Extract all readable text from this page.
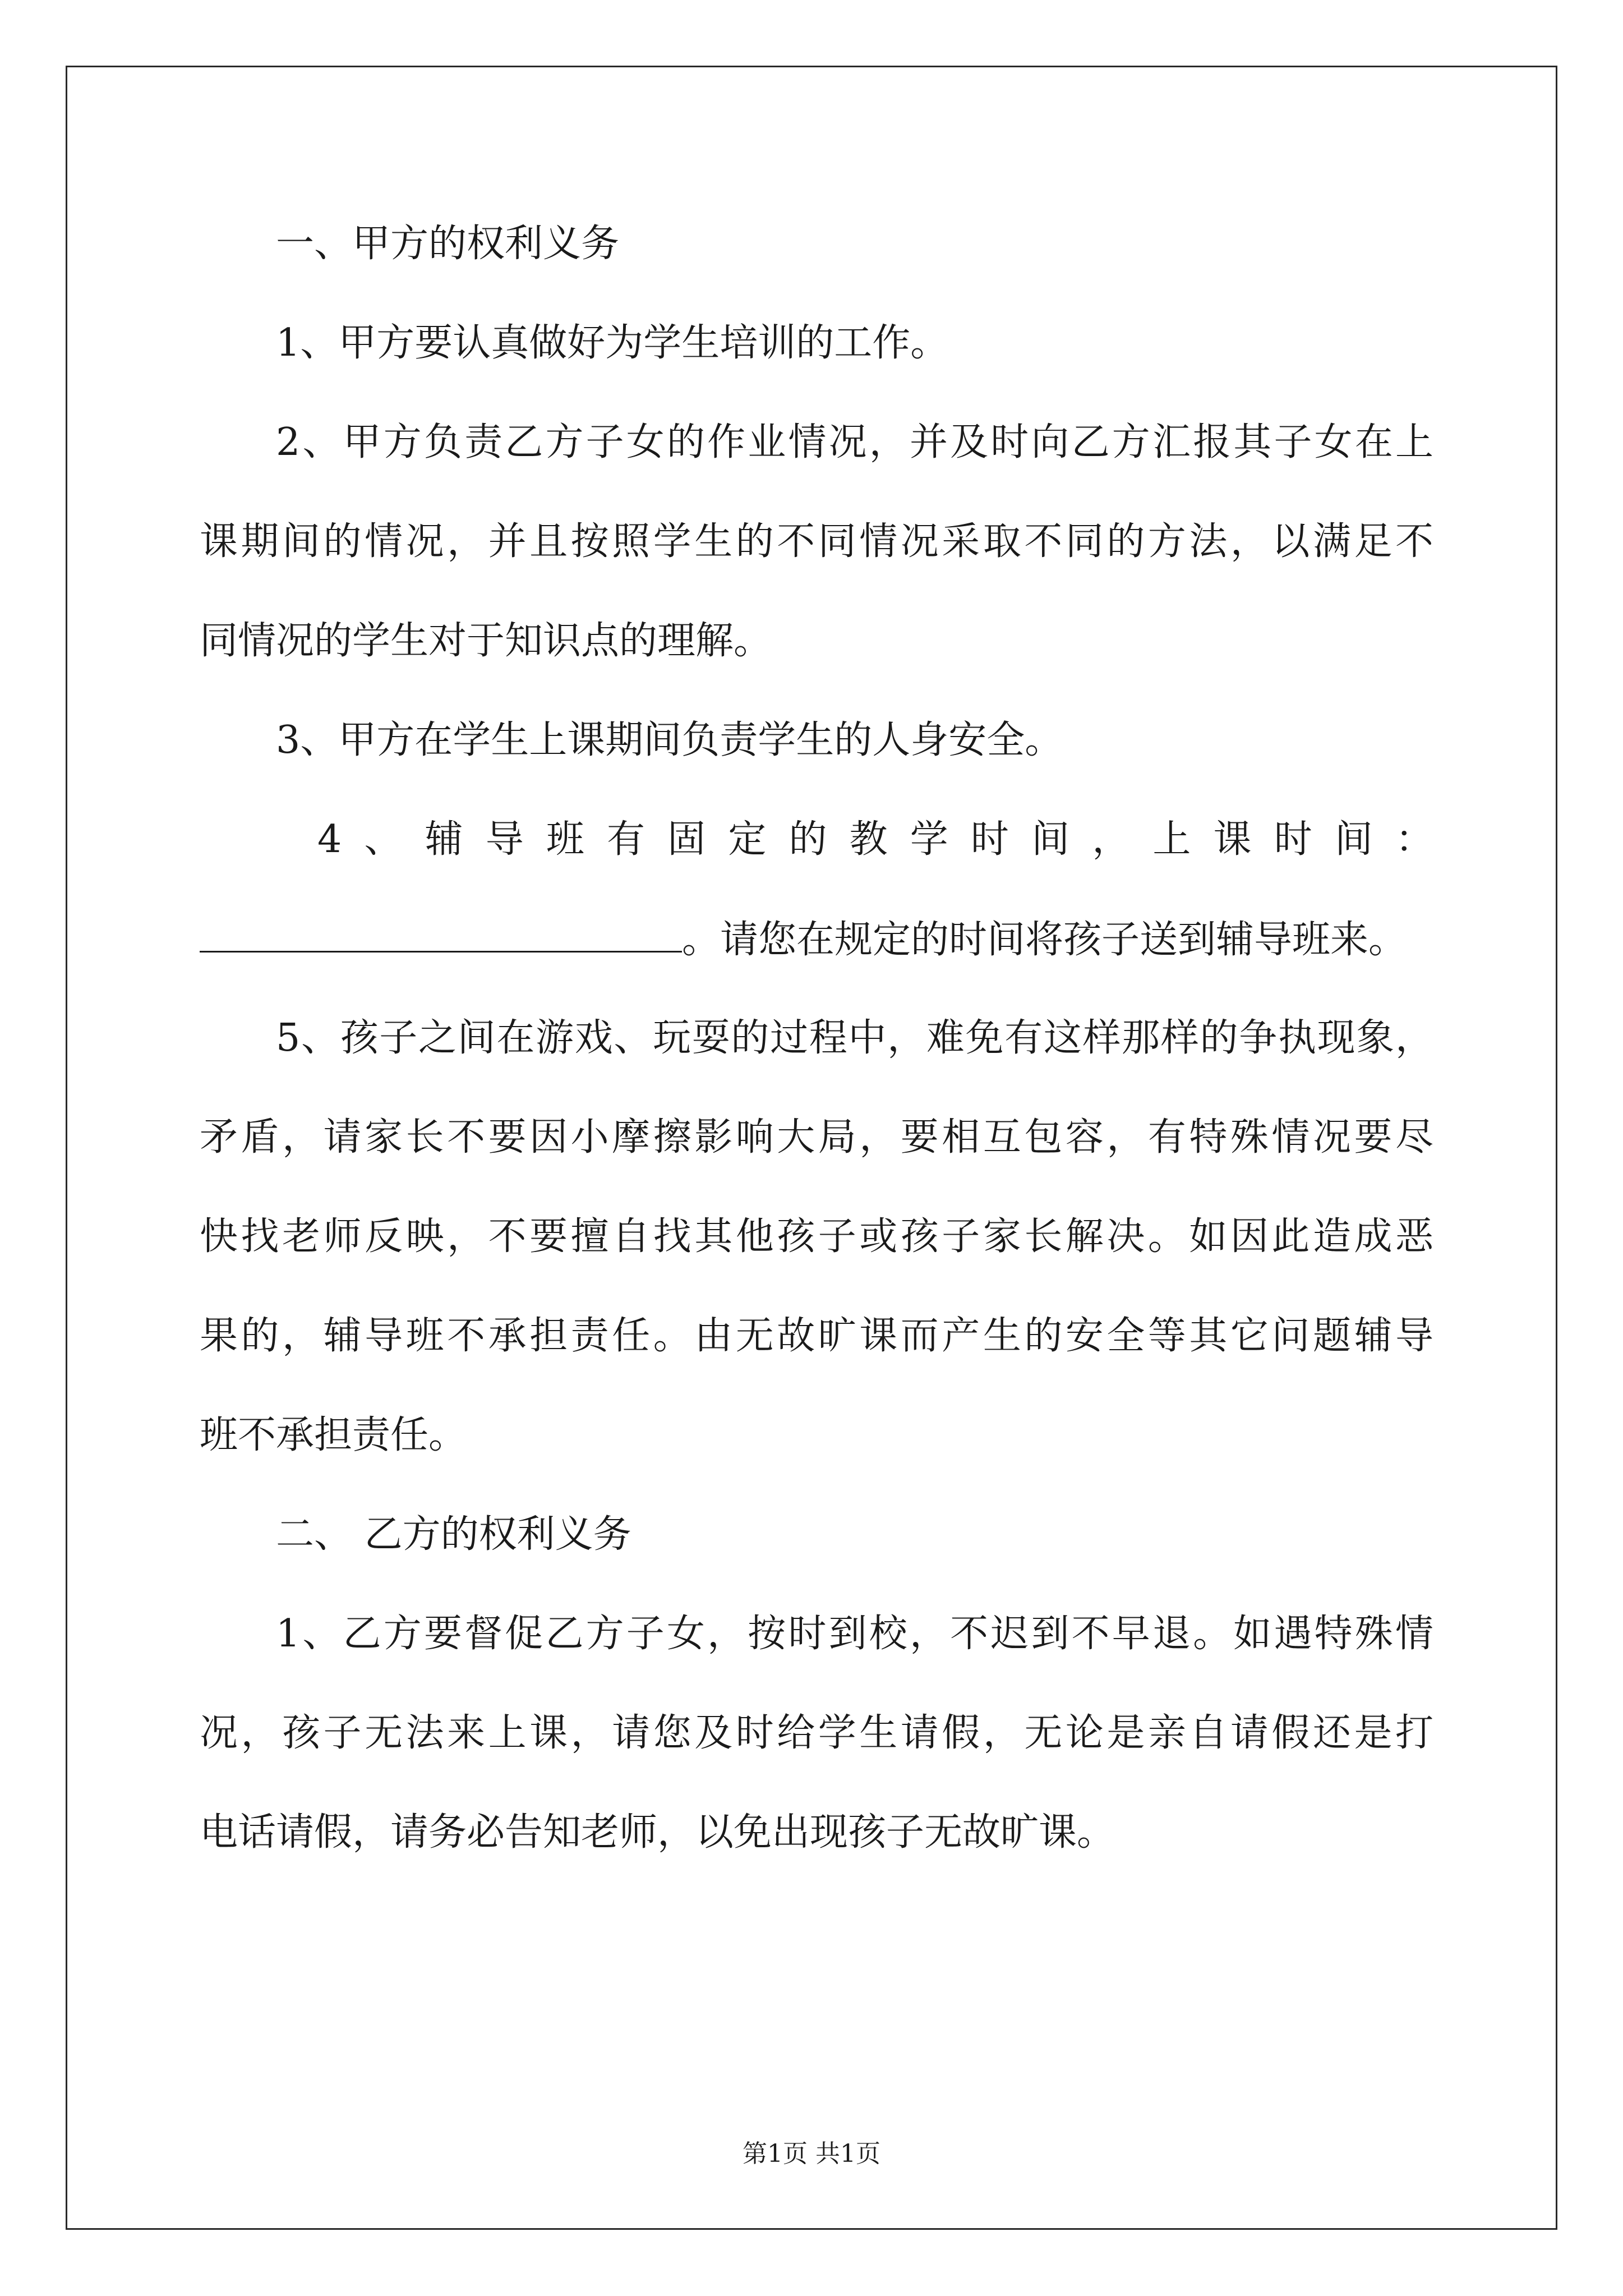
一、甲方的权利义务
1、甲方要认真做好为学生培训的工作。
2、甲方负责乙方子女的作业情况，并及时向乙方汇报其子女在上
课期间的情况，并且按照学生的不同情况采取不同的方法，以满足不
同情况的学生对于知识点的理解。
3、甲方在学生上课期间负责学生的人身安全。
4、辅导班有固定的教学时间，上课时间：
。请您在规定的时间将孩子送到辅导班来。
5、孩子之间在游戏、玩耍的过程中，难免有这样那样的争执现象，
矛盾，请家长不要因小摩擦影响大局，要相互包容，有特殊情况要尽
快找老师反映，不要擅自找其他孩子或孩子家长解决。如因此造成恶
果的，辅导班不承担责任。由无故旷课而产生的安全等其它问题辅导
班不承担责任。
二、 乙方的权利义务
1、乙方要督促乙方子女，按时到校，不迟到不早退。如遇特殊情
况，孩子无法来上课，请您及时给学生请假，无论是亲自请假还是打
电话请假，请务必告知老师，以免出现孩子无故旷课。
第1页 共1页
